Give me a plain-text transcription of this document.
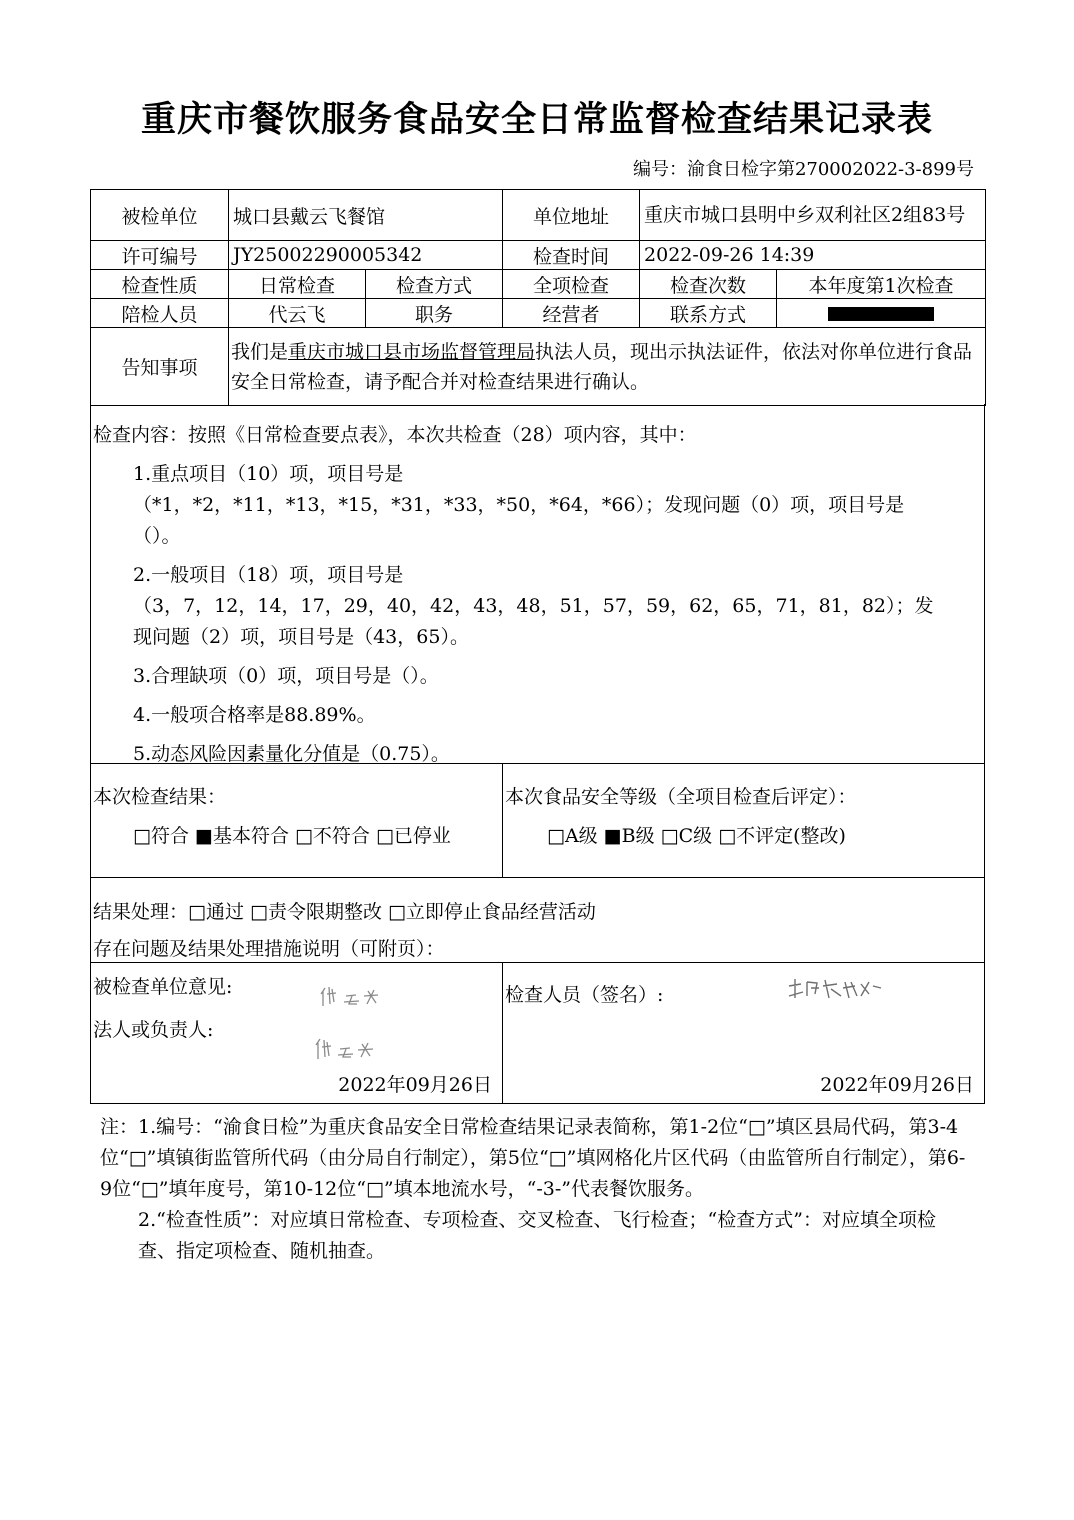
重庆市餐饮服务食品安全日常监督检查结果记录表
编号：渝食日检字第270002022-3-899号
被检单位	城口县戴云飞餐馆		单位地址	重庆市城口县明中乡双利社区2组83号	
许可编号	JY25002290005342		检查时间	2022-09-26 14:39	
检查性质	日常检查	检查方式	全项检查	检查次数	本年度第1次检查
陪检人员	代云飞	职务	经营者	联系方式	
告知事项	我们是重庆市城口县市场监督管理局执法人员，现出示执法证件，依法对你单位进行食品安全日常检查，请予配合并对检查结果进行确认。				
检查内容：按照《日常检查要点表》，本次共检查（28）项内容，其中：
1.重点项目（10）项，项目号是
（*1，*2，*11，*13，*15，*31，*33，*50，*64，*66）；发现问题（0）项，项目号是（）。
2.一般项目（18）项，项目号是
（3，7，12，14，17，29，40，42，43，48，51，57，59，62，65，71，81，82）；发现问题（2）项，项目号是（43，65）。
3.合理缺项（0）项，项目号是（）。
4.一般项合格率是88.89%。
5.动态风险因素量化分值是（0.75）。
本次检查结果：
□符合 ■基本符合 □不符合 □已停业
本次食品安全等级（全项目检查后评定）：
□A级 ■B级 □C级 □不评定(整改)
结果处理：□通过 □责令限期整改 □立即停止食品经营活动
存在问题及结果处理措施说明（可附页）：
被检查单位意见:
法人或负责人:
2022年09月26日
检查人员（签名）:
2022年09月26日
注：1.编号：“渝食日检”为重庆食品安全日常检查结果记录表简称，第1-2位“□”填区县局代码，第3-4位“□”填镇街监管所代码（由分局自行制定），第5位“□”填网格化片区代码（由监管所自行制定），第6-9位“□”填年度号，第10-12位“□”填本地流水号，“-3-”代表餐饮服务。
2.“检查性质”：对应填日常检查、专项检查、交叉检查、飞行检查；“检查方式”：对应填全项检查、指定项检查、随机抽查。
